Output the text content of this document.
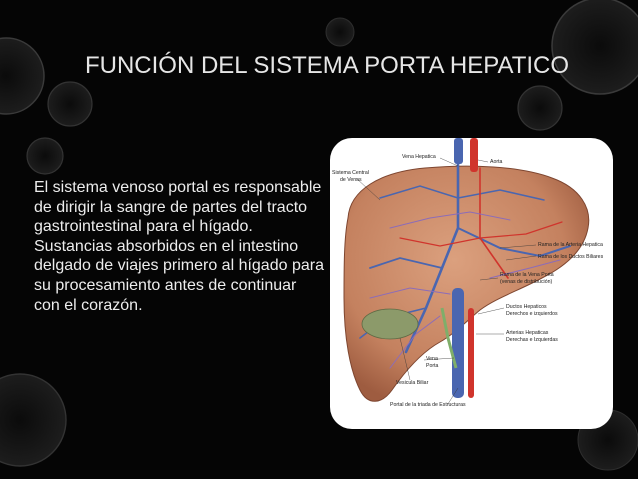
FUNCIÓN DEL SISTEMA PORTA HEPATICO
El sistema venoso portal es responsable de dirigir la sangre de partes del tracto gastrointestinal para el hígado. Sustancias absorbidos en el intestino delgado de viajes primero al hígado para su procesamiento antes de continuar con el corazón.
Vena Hepatica
Aorta
Sistema Central
de Venas
Rama de la Arteria Hepatica
Rama de los Ductos Biliares
Rama de la Vena Porta
(venas de distribución)
Ductos Hepaticos
Derechos e izquierdos
Arterias Hepaticas
Derechas e Izquierdas
Vena
Porta
Vesicula Biliar
Portal de la triada de Estructuras
